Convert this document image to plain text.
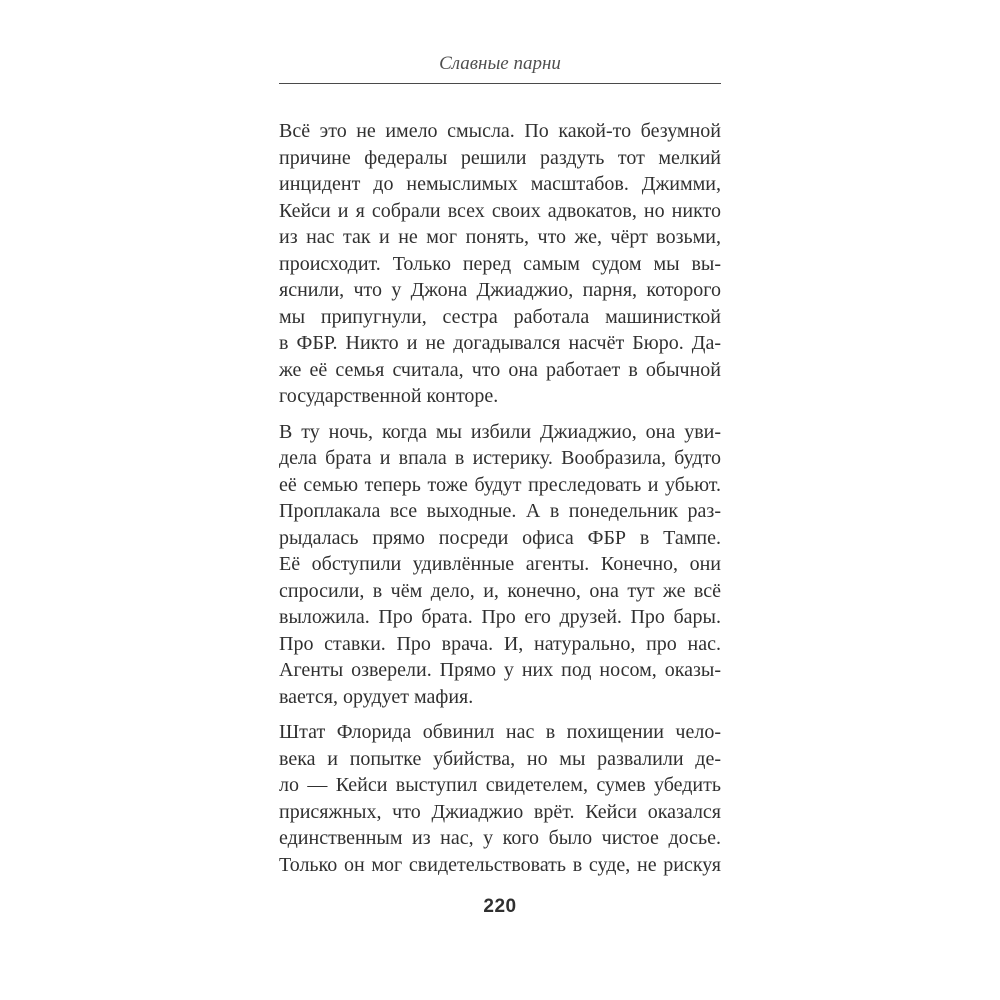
Славные парни
Всё это не имело смысла. По какой-то безумной
причине федералы решили раздуть тот мелкий
инцидент до немыслимых масштабов. Джимми,
Кейси и я собрали всех своих адвокатов, но никто
из нас так и не мог понять, что же, чёрт возьми,
происходит. Только перед самым судом мы вы-
яснили, что у Джона Джиаджио, парня, которого
мы припугнули, сестра работала машинисткой
в ФБР. Никто и не догадывался насчёт Бюро. Да-
же её семья считала, что она работает в обычной
государственной конторе.
В ту ночь, когда мы избили Джиаджио, она уви-
дела брата и впала в истерику. Вообразила, будто
её семью теперь тоже будут преследовать и убьют.
Проплакала все выходные. А в понедельник раз-
рыдалась прямо посреди офиса ФБР в Тампе.
Её обступили удивлённые агенты. Конечно, они
спросили, в чём дело, и, конечно, она тут же всё
выложила. Про брата. Про его друзей. Про бары.
Про ставки. Про врача. И, натурально, про нас.
Агенты озверели. Прямо у них под носом, оказы-
вается, орудует мафия.
Штат Флорида обвинил нас в похищении чело-
века и попытке убийства, но мы развалили де-
ло — Кейси выступил свидетелем, сумев убедить
присяжных, что Джиаджио врёт. Кейси оказался
единственным из нас, у кого было чистое досье.
Только он мог свидетельствовать в суде, не рискуя
220
